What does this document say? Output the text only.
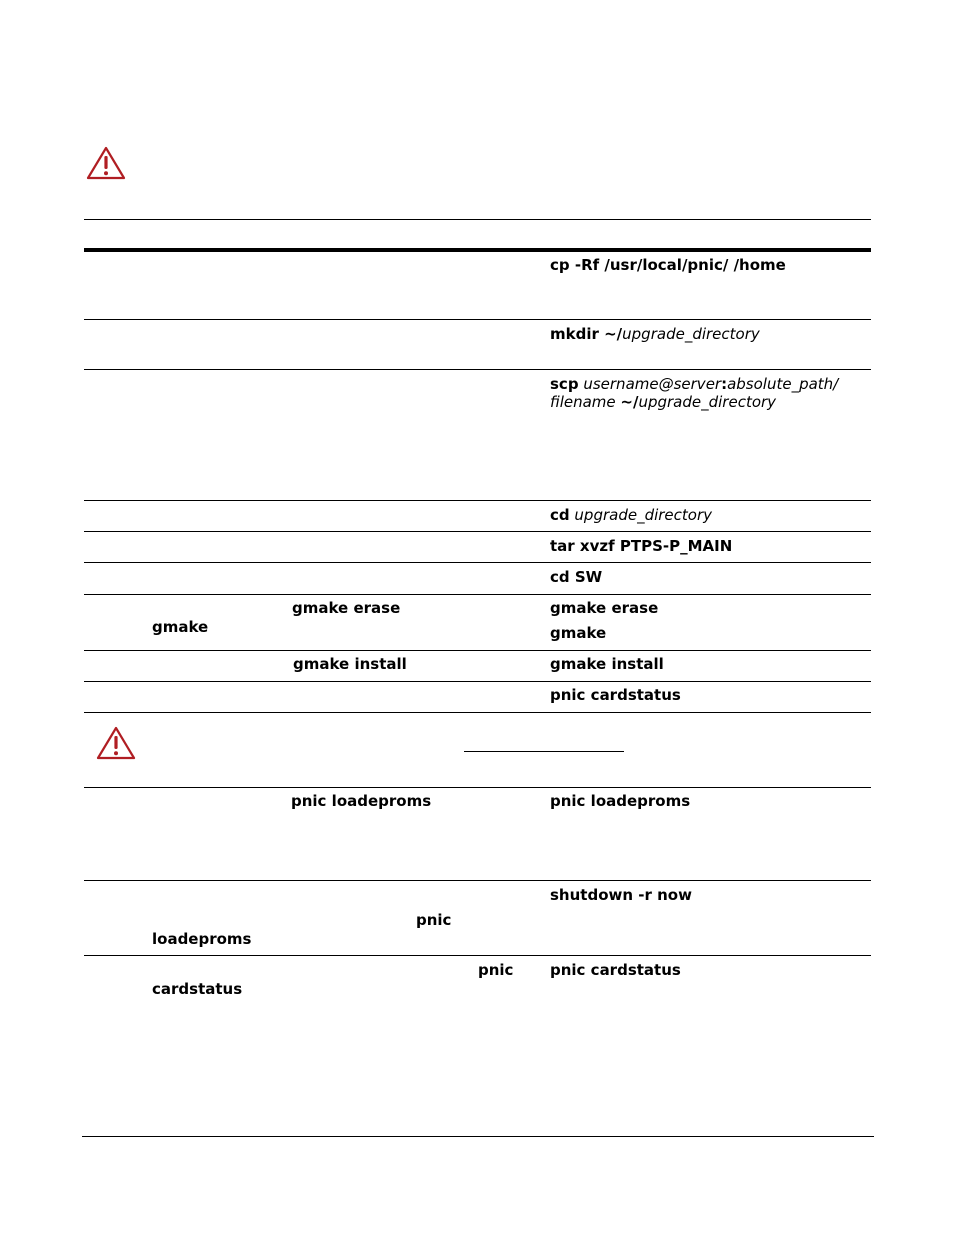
cp -Rf /usr/local/pnic/ /home
mkdir ~/upgrade_directory
scp username@server:absolute_path/
filename ~/upgrade_directory
cd upgrade_directory
tar xvzf PTPS-P_MAIN
cd SW
gmake erase
gmake
gmake erase
gmake
gmake install	gmake install
pnic cardstatus
pnic loadeproms	pnic loadeproms
shutdown -r now
pnic
loadeproms
pnic
cardstatus
pnic cardstatus
